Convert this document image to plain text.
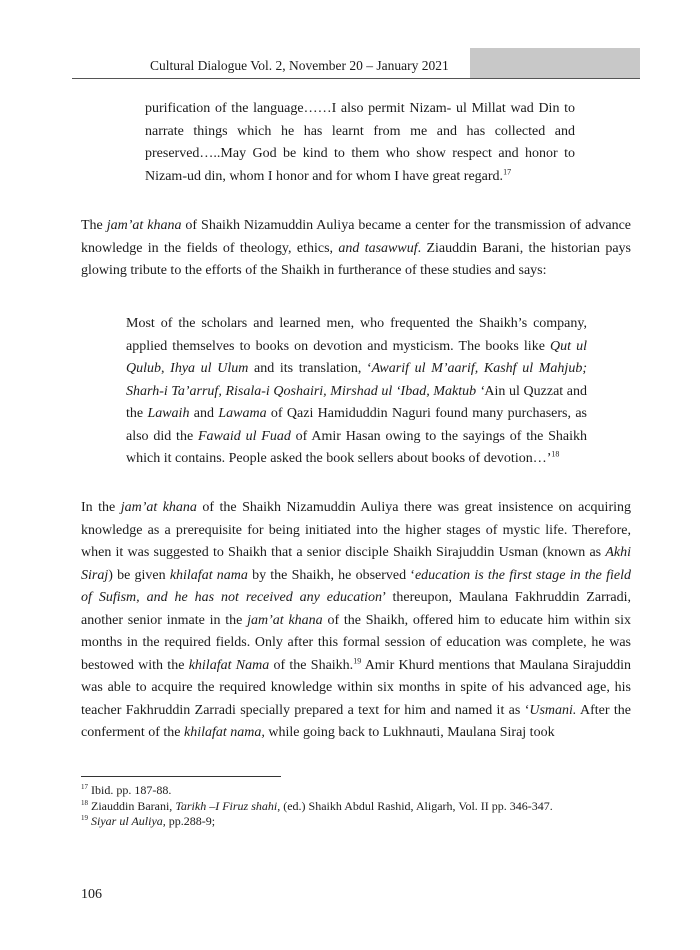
Cultural Dialogue Vol. 2, November 20 – January 2021

purification of the language……I also permit Nizam- ul Millat wad Din to narrate things which he has learnt from me and has collected and preserved…..May God be kind to them who show respect and honor to Nizam-ud din, whom I honor and for whom I have great regard.$^{17}$

The jam’at khana of Shaikh Nizamuddin Auliya became a center for the transmission of advance knowledge in the fields of theology, ethics, and tasawwuf. Ziauddin Barani, the historian pays glowing tribute to the efforts of the Shaikh in furtherance of these studies and says:

Most of the scholars and learned men, who frequented the Shaikh’s company, applied themselves to books on devotion and mysticism. The books like Qut ul Qulub, Ihya ul Ulum and its translation, ‘Awarif ul M’aarif, Kashf ul Mahjub; Sharh-i Ta’arruf, Risala-i Qoshairi, Mirshad ul ‘Ibad, Maktub ‘Ain ul Quzzat and the Lawaih and Lawama of Qazi Hamiduddin Naguri found many purchasers, as also did the Fawaid ul Fuad of Amir Hasan owing to the sayings of the Shaikh which it contains. People asked the book sellers about books of devotion…’$^{18}$

In the jam’at khana of the Shaikh Nizamuddin Auliya there was great insistence on acquiring knowledge as a prerequisite for being initiated into the higher stages of mystic life. Therefore, when it was suggested to Shaikh that a senior disciple Shaikh Sirajuddin Usman (known as Akhi Siraj) be given khilafat nama by the Shaikh, he observed ‘education is the first stage in the field of Sufism, and he has not received any education’ thereupon, Maulana Fakhruddin Zarradi, another senior inmate in the jam’at khana of the Shaikh, offered him to educate him within six months in the required fields. Only after this formal session of education was complete, he was bestowed with the khilafat Nama of the Shaikh.$^{19}$ Amir Khurd mentions that Maulana Sirajuddin was able to acquire the required knowledge within six months in spite of his advanced age, his teacher Fakhruddin Zarradi specially prepared a text for him and named it as ‘Usmani. After the conferment of the khilafat nama, while going back to Lukhnauti, Maulana Siraj took

$^{17}$ Ibid. pp. 187-88.

$^{18}$ Ziauddin Barani, Tarikh –I Firuz shahi, (ed.) Shaikh Abdul Rashid, Aligarh, Vol. II pp. 346-347.

$^{19}$ Siyar ul Auliya, pp.288-9;

106
